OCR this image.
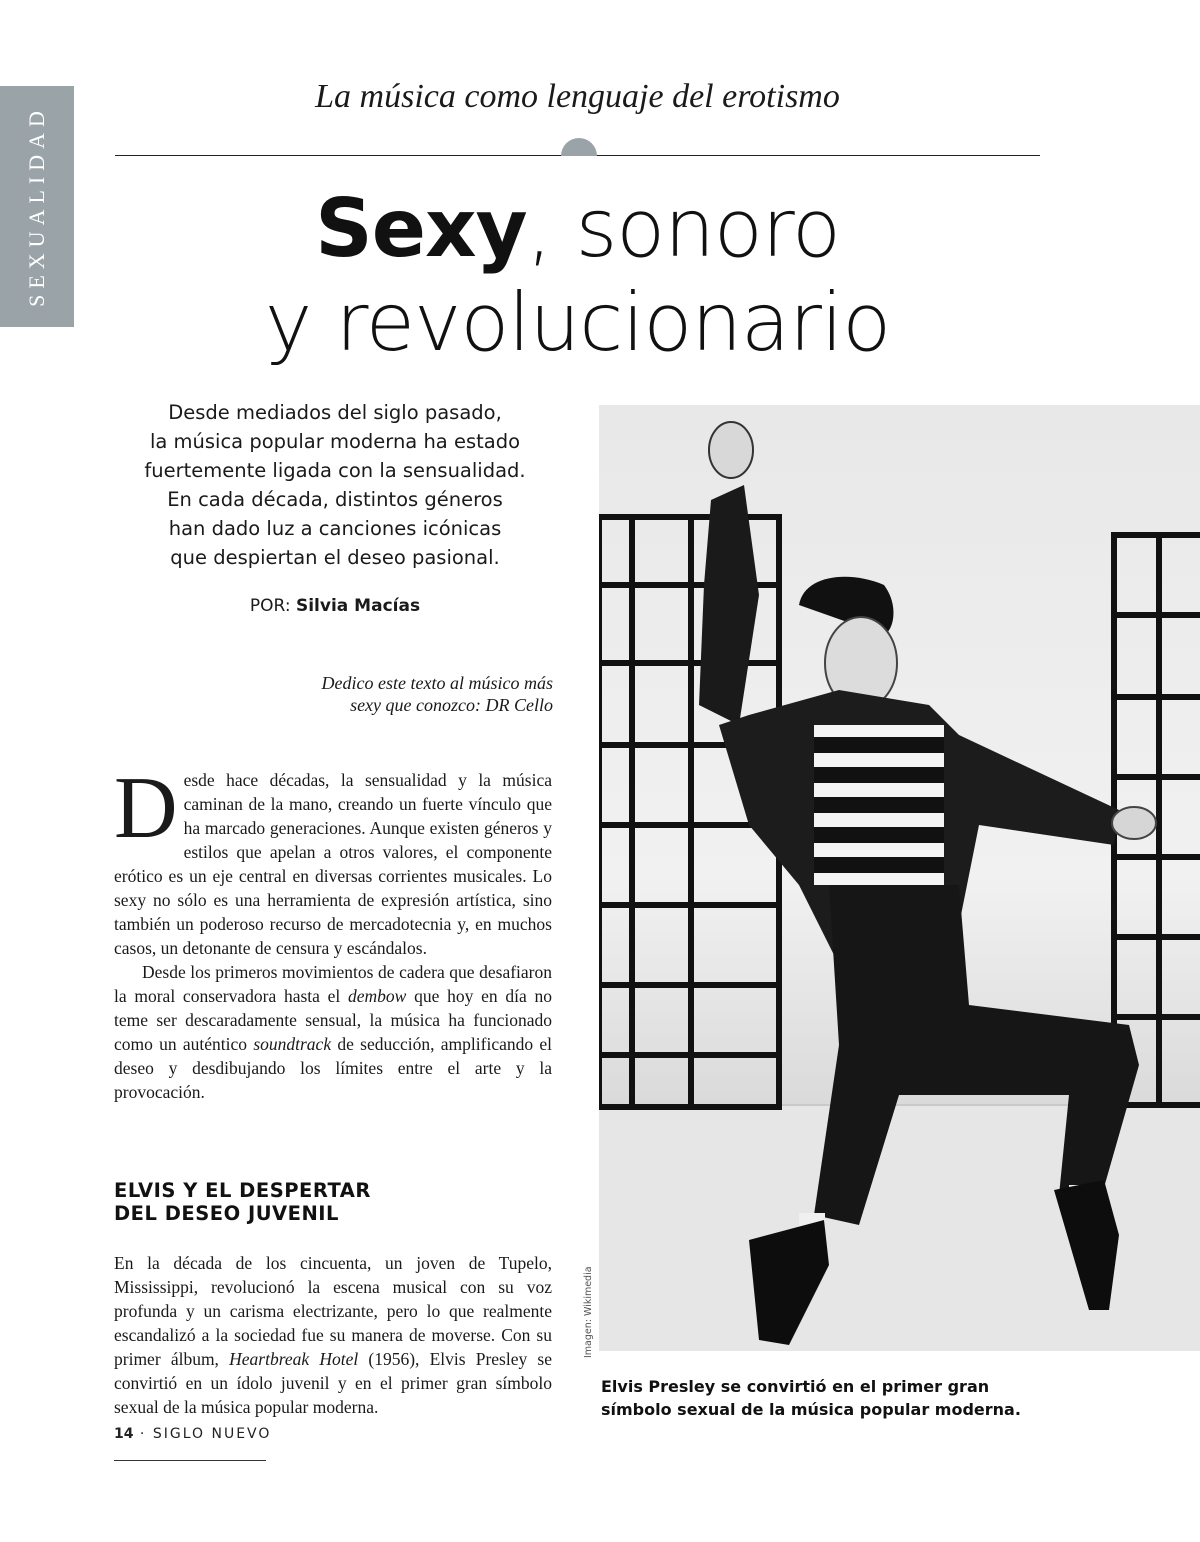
SEXUALIDAD
La música como lenguaje del erotismo
Sexy, sonoro
y revolucionario

Desde mediados del siglo pasado,

la música popular moderna ha estado

fuertemente ligada con la sensualidad.

En cada década, distintos géneros

han dado luz a canciones icónicas

que despiertan el deseo pasional.

POR: Silvia Macías
Dedico este texto al músico más
sexy que conozco: DR Cello

Desde hace décadas, la sensualidad y la música caminan de la mano, creando un fuerte vínculo que ha marcado generaciones. Aunque existen géneros y estilos que apelan a otros valores, el componente erótico es un eje central en diversas corrientes musicales. Lo sexy no sólo es una herramienta de expresión artística, sino también un poderoso recurso de mercadotecnia y, en muchos casos, un detonante de censura y escándalos.

Desde los primeros movimientos de cadera que desafiaron la moral conservadora hasta el dembow que hoy en día no teme ser descaradamente sensual, la música ha funcionado como un auténtico soundtrack de seducción, amplificando el deseo y desdibujando los límites entre el arte y la provocación.

ELVIS Y EL DESPERTAR
DEL DESEO JUVENIL

En la década de los cincuenta, un joven de Tupelo, Mississippi, revolucionó la escena musical con su voz profunda y un carisma electrizante, pero lo que realmente escandalizó a la sociedad fue su manera de moverse. Con su primer álbum, Heartbreak Hotel (1956), Elvis Presley se convirtió en un ídolo juvenil y en el primer gran símbolo sexual de la música popular moderna.

Imagen: Wikimedia
Elvis Presley se convirtió en el primer gran símbolo sexual de la música popular moderna.
14 · SIGLO NUEVO
